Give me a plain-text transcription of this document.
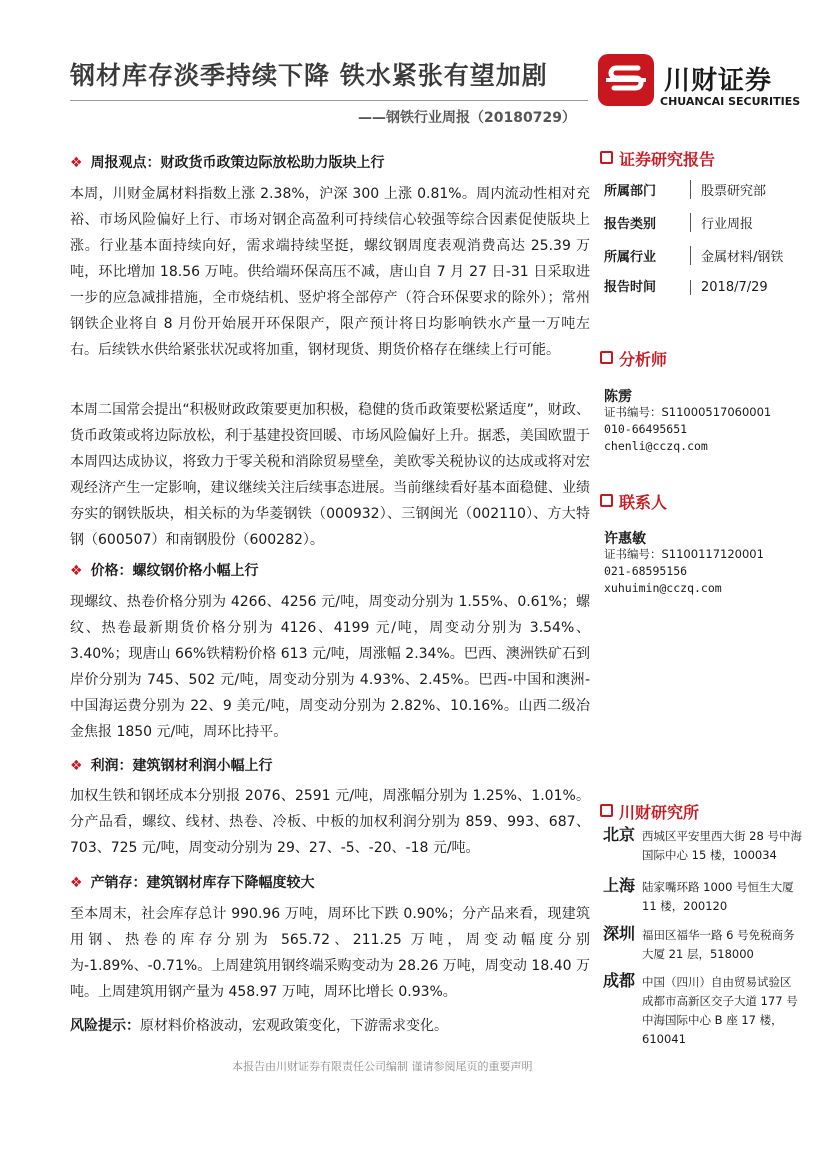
钢材库存淡季持续下降 铁水紧张有望加剧
——钢铁行业周报（20180729）
川财证券
CHUANCAI SECURITIES
❖ 周报观点：财政货币政策边际放松助力版块上行
本周，川财金属材料指数上涨 2.38%，沪深 300 上涨 0.81%。周内流动性相对充裕、市场风险偏好上行、市场对钢企高盈利可持续信心较强等综合因素促使版块上涨。行业基本面持续向好，需求端持续坚挺，螺纹钢周度表观消费高达 25.39 万吨，环比增加 18.56 万吨。供给端环保高压不减，唐山自 7 月 27 日-31 日采取进一步的应急减排措施，全市烧结机、竖炉将全部停产（符合环保要求的除外）；常州钢铁企业将自 8 月份开始展开环保限产，限产预计将日均影响铁水产量一万吨左右。后续铁水供给紧张状况或将加重，钢材现货、期货价格存在继续上行可能。
本周二国常会提出“积极财政政策要更加积极，稳健的货币政策要松紧适度”，财政、货币政策或将边际放松，利于基建投资回暖、市场风险偏好上升。据悉，美国欧盟于本周四达成协议，将致力于零关税和消除贸易壁垒，美欧零关税协议的达成或将对宏观经济产生一定影响，建议继续关注后续事态进展。当前继续看好基本面稳健、业绩夯实的钢铁版块，相关标的为华菱钢铁（000932）、三钢闽光（002110）、方大特钢（600507）和南钢股份（600282）。
❖ 价格：螺纹钢价格小幅上行
现螺纹、热卷价格分别为 4266、4256 元/吨，周变动分别为 1.55%、0.61%；螺纹、热卷最新期货价格分别为 4126、4199 元/吨，周变动分别为 3.54%、3.40%；现唐山 66%铁精粉价格 613 元/吨，周涨幅 2.34%。巴西、澳洲铁矿石到岸价分别为 745、502 元/吨，周变动分别为 4.93%、2.45%。巴西-中国和澳洲-中国海运费分别为 22、9 美元/吨，周变动分别为 2.82%、10.16%。山西二级冶金焦报 1850 元/吨，周环比持平。
❖ 利润：建筑钢材利润小幅上行
加权生铁和钢坯成本分别报 2076、2591 元/吨，周涨幅分别为 1.25%、1.01%。分产品看，螺纹、线材、热卷、冷板、中板的加权利润分别为 859、993、687、703、725 元/吨，周变动分别为 29、27、-5、-20、-18 元/吨。
❖ 产销存：建筑钢材库存下降幅度较大
至本周末，社会库存总计 990.96 万吨，周环比下跌 0.90%；分产品来看，现建筑用钢、热卷的库存分别为 565.72、211.25 万吨，周变动幅度分别为-1.89%、-0.71%。上周建筑用钢终端采购变动为 28.26 万吨，周变动 18.40 万吨。上周建筑用钢产量为 458.97 万吨，周环比增长 0.93%。
风险提示：原材料价格波动，宏观政策变化，下游需求变化。
证券研究报告
所属部门	股票研究部
报告类别	行业周报
所属行业	金属材料/钢铁
报告时间	2018/7/29
分析师
陈雳
证书编号：S11000517060001
010-66495651
chenli@cczq.com
联系人
许惠敏
证书编号：S1100117120001
021-68595156
xuhuimin@cczq.com
川财研究所
北京 西城区平安里西大街 28 号中海国际中心 15 楼，100034
上海 陆家嘴环路 1000 号恒生大厦 11 楼，200120
深圳 福田区福华一路 6 号免税商务大厦 21 层，518000
成都 中国（四川）自由贸易试验区成都市高新区交子大道 177 号中海国际中心 B 座 17 楼，610041
本报告由川财证券有限责任公司编制 谨请参阅尾页的重要声明
